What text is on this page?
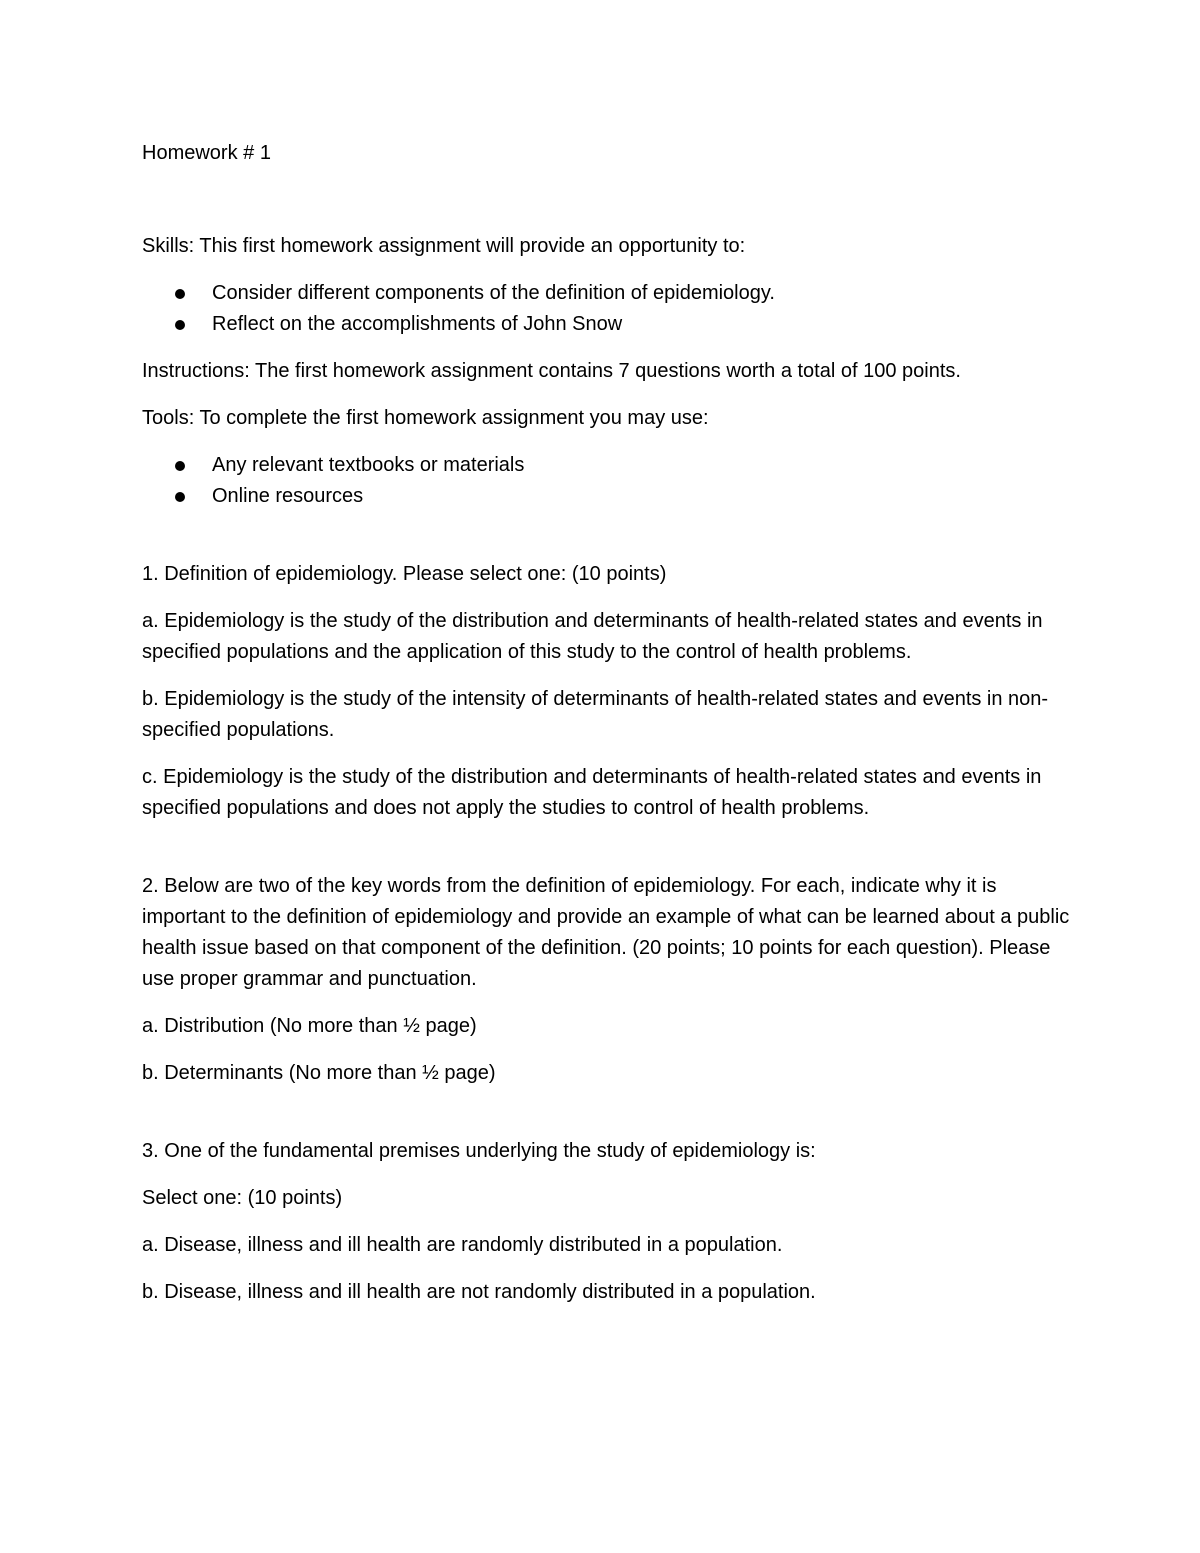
Homework # 1

Skills: This first homework assignment will provide an opportunity to:

Consider different components of the definition of epidemiology.
Reflect on the accomplishments of John Snow

Instructions: The first homework assignment contains 7 questions worth a total of 100 points.

Tools: To complete the first homework assignment you may use:

Any relevant textbooks or materials
Online resources

1. Definition of epidemiology. Please select one: (10 points)

a. Epidemiology is the study of the distribution and determinants of health-related states and events in specified populations and the application of this study to the control of health problems.

b. Epidemiology is the study of the intensity of determinants of health-related states and events in non-specified populations.

c. Epidemiology is the study of the distribution and determinants of health-related states and events in specified populations and does not apply the studies to control of health problems.

2. Below are two of the key words from the definition of epidemiology. For each, indicate why it is important to the definition of epidemiology and provide an example of what can be learned about a public health issue based on that component of the definition. (20 points; 10 points for each question). Please use proper grammar and punctuation.

a. Distribution (No more than ½ page)

b. Determinants (No more than ½ page)

3. One of the fundamental premises underlying the study of epidemiology is:

Select one: (10 points)

a. Disease, illness and ill health are randomly distributed in a population.

b. Disease, illness and ill health are not randomly distributed in a population.
